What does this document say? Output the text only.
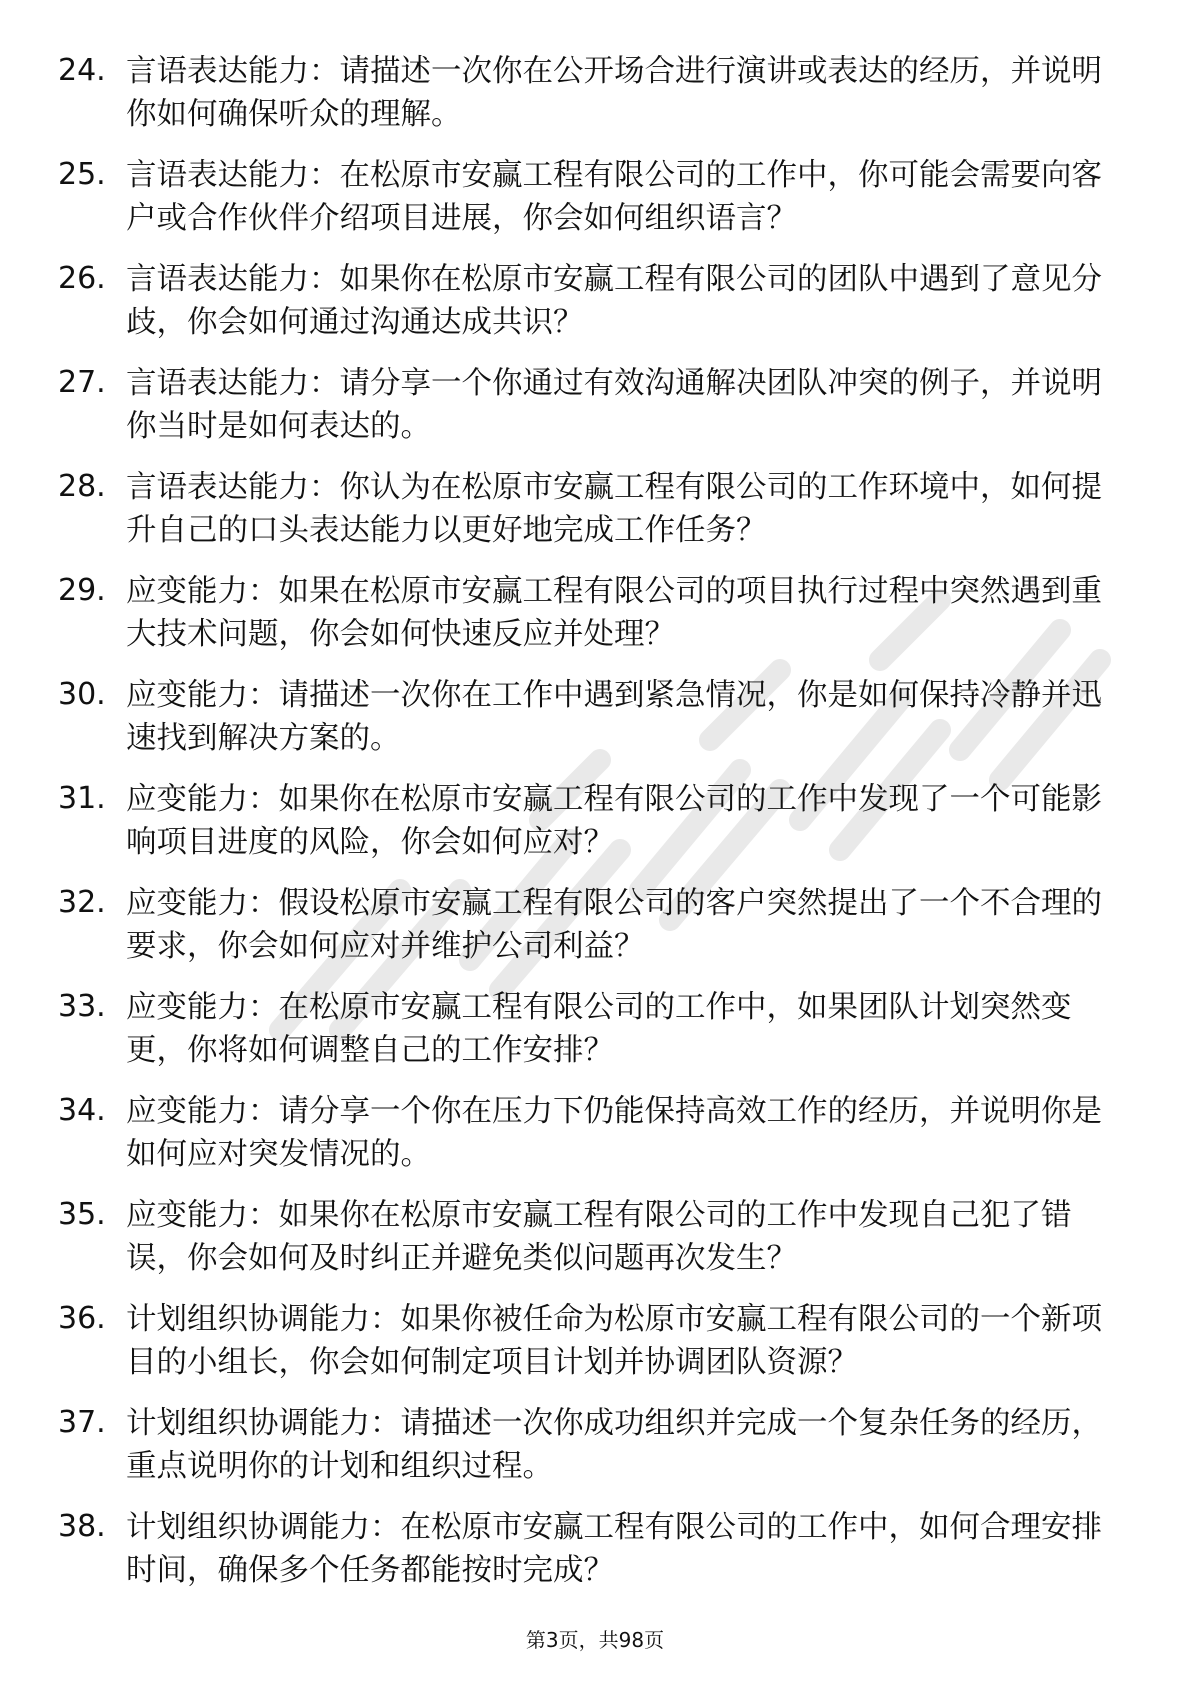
24. 言语表达能力：请描述一次你在公开场合进行演讲或表达的经历，并说明你如何确保听众的理解。
25. 言语表达能力：在松原市安赢工程有限公司的工作中，你可能会需要向客户或合作伙伴介绍项目进展，你会如何组织语言？
26. 言语表达能力：如果你在松原市安赢工程有限公司的团队中遇到了意见分歧，你会如何通过沟通达成共识？
27. 言语表达能力：请分享一个你通过有效沟通解决团队冲突的例子，并说明你当时是如何表达的。
28. 言语表达能力：你认为在松原市安赢工程有限公司的工作环境中，如何提升自己的口头表达能力以更好地完成工作任务？
29. 应变能力：如果在松原市安赢工程有限公司的项目执行过程中突然遇到重大技术问题，你会如何快速反应并处理？
30. 应变能力：请描述一次你在工作中遇到紧急情况，你是如何保持冷静并迅速找到解决方案的。
31. 应变能力：如果你在松原市安赢工程有限公司的工作中发现了一个可能影响项目进度的风险，你会如何应对？
32. 应变能力：假设松原市安赢工程有限公司的客户突然提出了一个不合理的要求，你会如何应对并维护公司利益？
33. 应变能力：在松原市安赢工程有限公司的工作中，如果团队计划突然变更，你将如何调整自己的工作安排？
34. 应变能力：请分享一个你在压力下仍能保持高效工作的经历，并说明你是如何应对突发情况的。
35. 应变能力：如果你在松原市安赢工程有限公司的工作中发现自己犯了错误，你会如何及时纠正并避免类似问题再次发生？
36. 计划组织协调能力：如果你被任命为松原市安赢工程有限公司的一个新项目的小组长，你会如何制定项目计划并协调团队资源？
37. 计划组织协调能力：请描述一次你成功组织并完成一个复杂任务的经历，重点说明你的计划和组织过程。
38. 计划组织协调能力：在松原市安赢工程有限公司的工作中，如何合理安排时间，确保多个任务都能按时完成？
第3页，共98页
